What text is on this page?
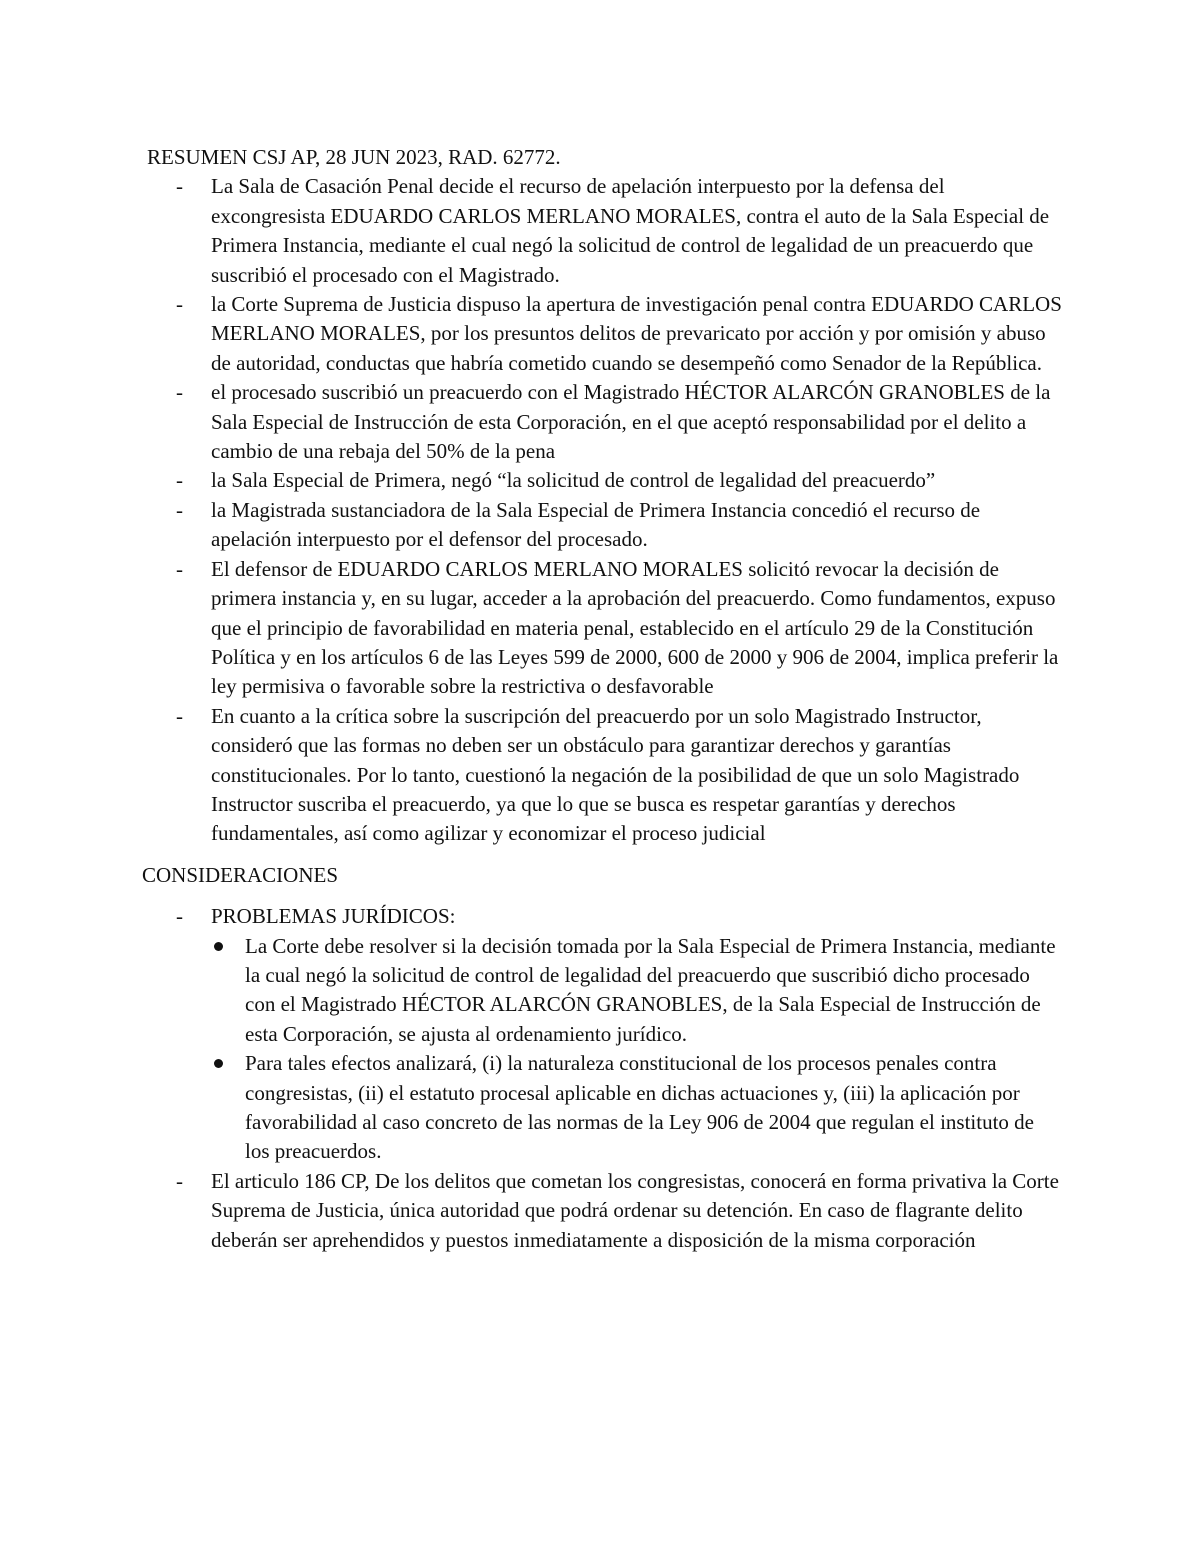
RESUMEN CSJ AP, 28 JUN 2023, RAD. 62772.

- La Sala de Casación Penal decide el recurso de apelación interpuesto por la defensa del excongresista EDUARDO CARLOS MERLANO MORALES, contra el auto de la Sala Especial de Primera Instancia, mediante el cual negó la solicitud de control de legalidad de un preacuerdo que suscribió el procesado con el Magistrado.
- la Corte Suprema de Justicia dispuso la apertura de investigación penal contra EDUARDO CARLOS MERLANO MORALES, por los presuntos delitos de prevaricato por acción y por omisión y abuso de autoridad, conductas que habría cometido cuando se desempeñó como Senador de la República.
- el procesado suscribió un preacuerdo con el Magistrado HÉCTOR ALARCÓN GRANOBLES de la Sala Especial de Instrucción de esta Corporación, en el que aceptó responsabilidad por el delito a cambio de una rebaja del 50% de la pena
- la Sala Especial de Primera, negó “la solicitud de control de legalidad del preacuerdo”
- la Magistrada sustanciadora de la Sala Especial de Primera Instancia concedió el recurso de apelación interpuesto por el defensor del procesado.
- El defensor de EDUARDO CARLOS MERLANO MORALES solicitó revocar la decisión de primera instancia y, en su lugar, acceder a la aprobación del preacuerdo. Como fundamentos, expuso que el principio de favorabilidad en materia penal, establecido en el artículo 29 de la Constitución Política y en los artículos 6 de las Leyes 599 de 2000, 600 de 2000 y 906 de 2004, implica preferir la ley permisiva o favorable sobre la restrictiva o desfavorable
- En cuanto a la crítica sobre la suscripción del preacuerdo por un solo Magistrado Instructor, consideró que las formas no deben ser un obstáculo para garantizar derechos y garantías constitucionales. Por lo tanto, cuestionó la negación de la posibilidad de que un solo Magistrado Instructor suscriba el preacuerdo, ya que lo que se busca es respetar garantías y derechos fundamentales, así como agilizar y economizar el proceso judicial

CONSIDERACIONES

- PROBLEMAS JURÍDICOS:
La Corte debe resolver si la decisión tomada por la Sala Especial de Primera Instancia, mediante la cual negó la solicitud de control de legalidad del preacuerdo que suscribió dicho procesado con el Magistrado HÉCTOR ALARCÓN GRANOBLES, de la Sala Especial de Instrucción de esta Corporación, se ajusta al ordenamiento jurídico.
Para tales efectos analizará, (i) la naturaleza constitucional de los procesos penales contra congresistas, (ii) el estatuto procesal aplicable en dichas actuaciones y, (iii) la aplicación por favorabilidad al caso concreto de las normas de la Ley 906 de 2004 que regulan el instituto de los preacuerdos.
- El articulo 186 CP, De los delitos que cometan los congresistas, conocerá en forma privativa la Corte Suprema de Justicia, única autoridad que podrá ordenar su detención. En caso de flagrante delito deberán ser aprehendidos y puestos inmediatamente a disposición de la misma corporación
